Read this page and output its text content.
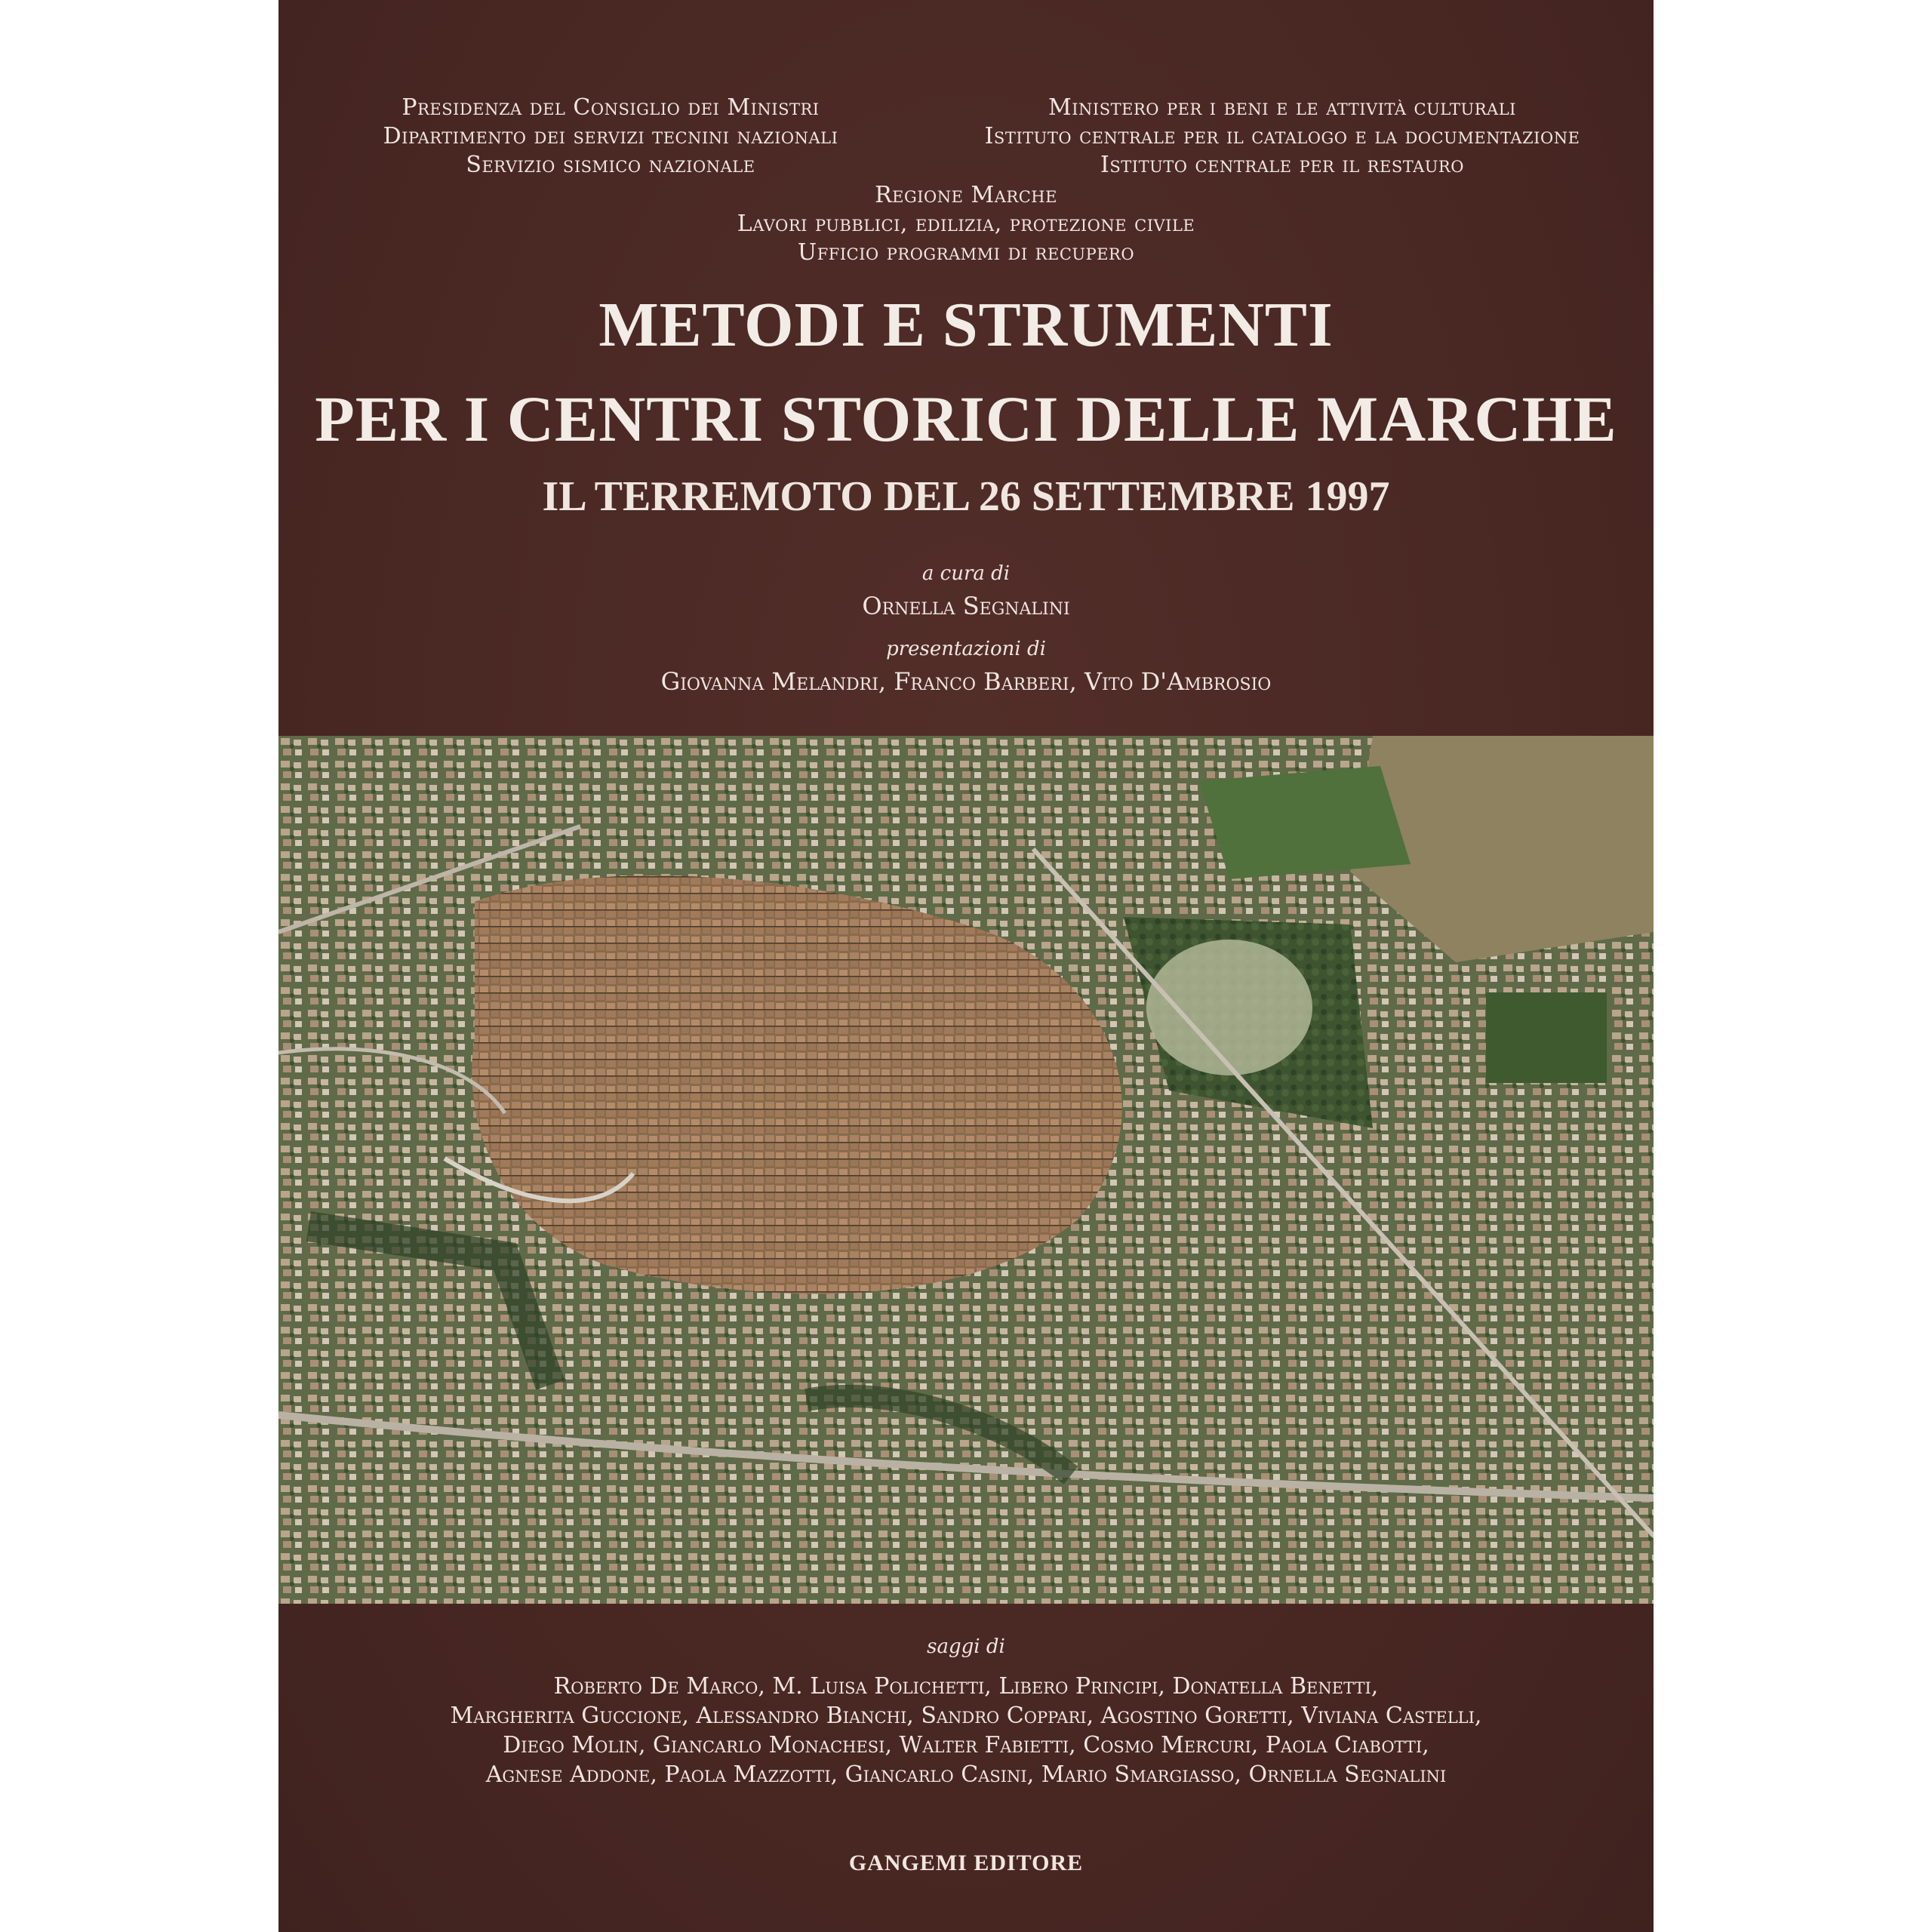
Presidenza del Consiglio dei Ministri
Dipartimento dei servizi tecnini nazionali
Servizio sismico nazionale
Ministero per i beni e le attività culturali
Istituto centrale per il catalogo e la documentazione
Istituto centrale per il restauro
Regione Marche
Lavori pubblici, edilizia, protezione civile
Ufficio programmi di recupero
METODI E STRUMENTI
PER I CENTRI STORICI DELLE MARCHE
IL TERREMOTO DEL 26 SETTEMBRE 1997
a cura di
Ornella Segnalini
presentazioni di
Giovanna Melandri, Franco Barberi, Vito D'Ambrosio
saggi di
Roberto De Marco, M. Luisa Polichetti, Libero Principi, Donatella Benetti,
Margherita Guccione, Alessandro Bianchi, Sandro Coppari, Agostino Goretti, Viviana Castelli,
Diego Molin, Giancarlo Monachesi, Walter Fabietti, Cosmo Mercuri, Paola Ciabotti,
Agnese Addone, Paola Mazzotti, Giancarlo Casini, Mario Smargiasso, Ornella Segnalini
GANGEMI EDITORE
